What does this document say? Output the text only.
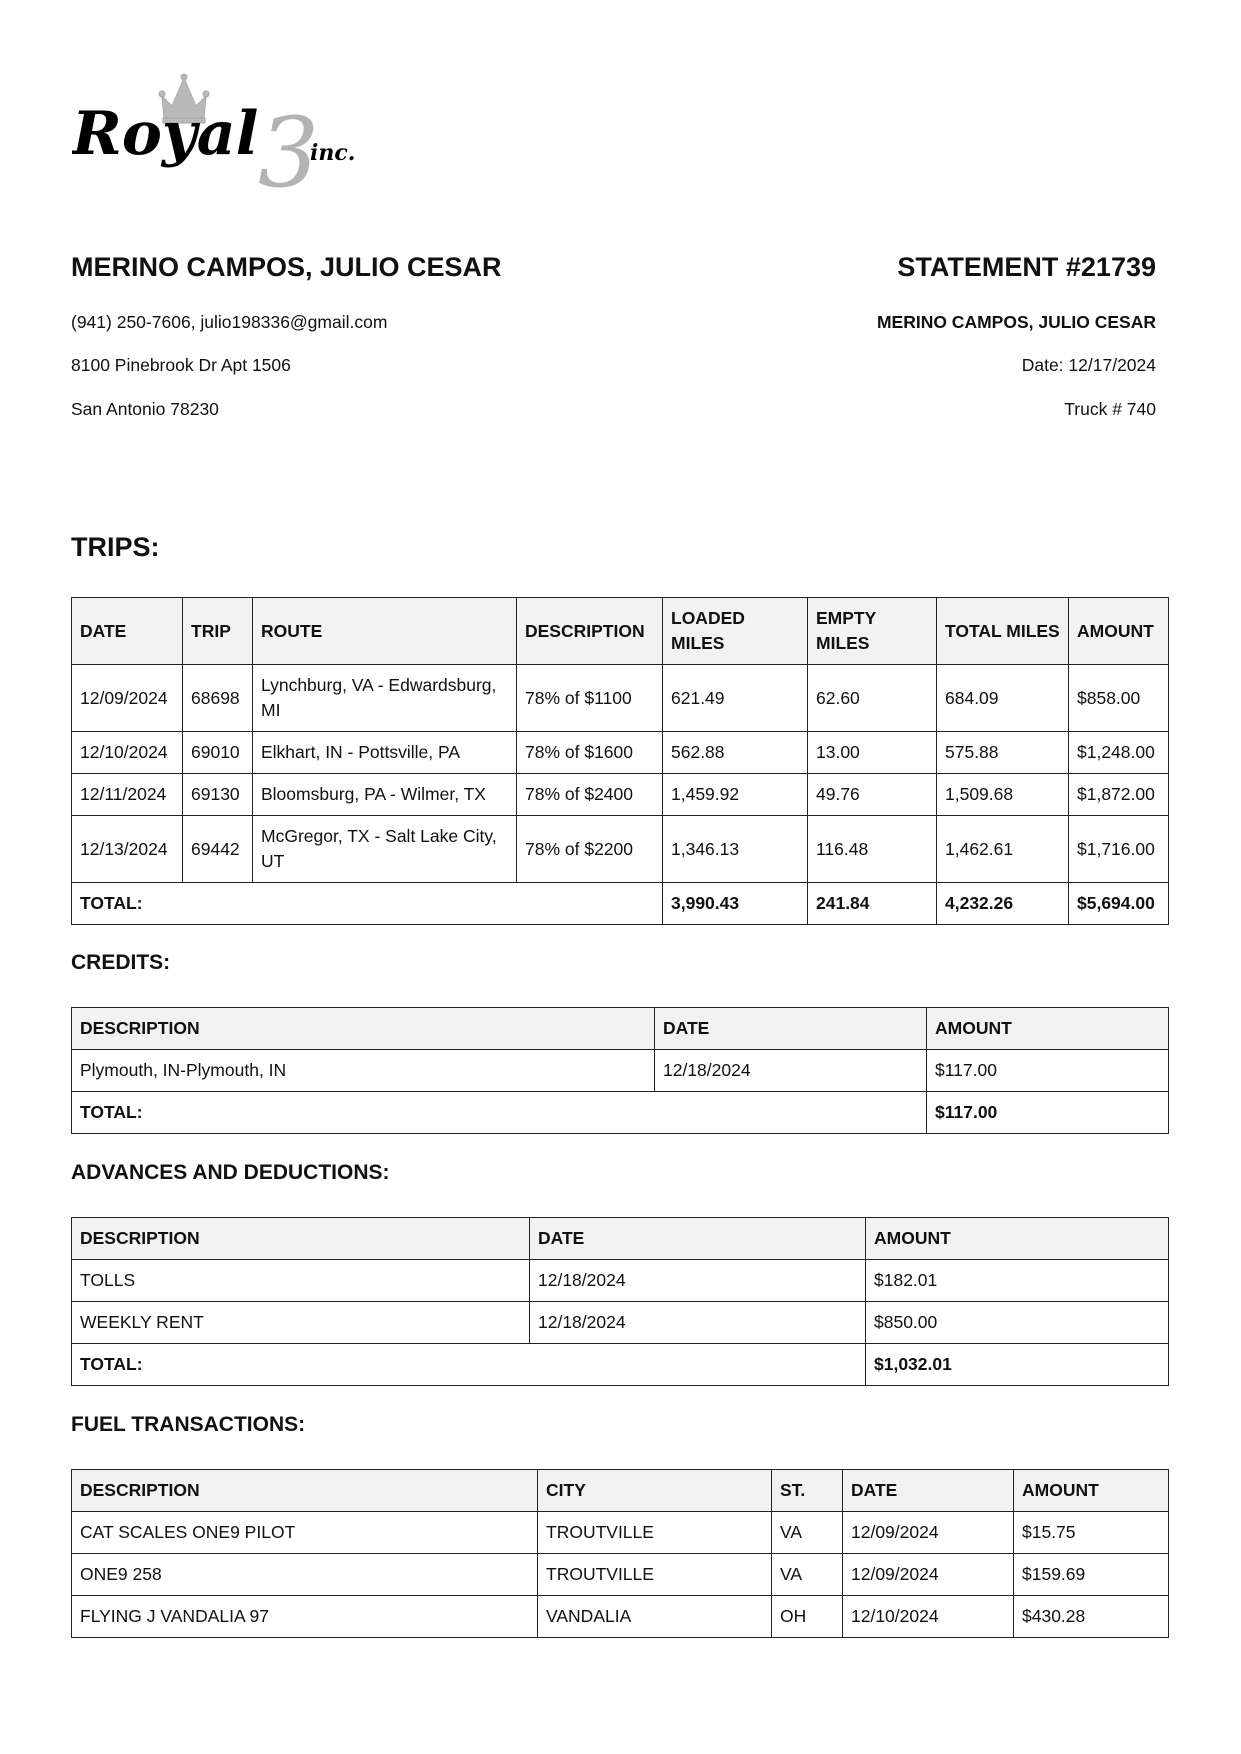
3
Royal inc.
MERINO CAMPOS, JULIO CESAR
(941) 250-7606, julio198336@gmail.com
8100 Pinebrook Dr Apt 1506
San Antonio 78230
STATEMENT #21739
MERINO CAMPOS, JULIO CESAR
Date: 12/17/2024
Truck # 740
TRIPS:
DATE	TRIP	ROUTE	DESCRIPTION	LOADED MILES	EMPTY MILES	TOTAL MILES	AMOUNT
12/09/2024	68698	Lynchburg, VA - Edwardsburg, MI	78% of $1100	621.49	62.60	684.09	$858.00
12/10/2024	69010	Elkhart, IN - Pottsville, PA	78% of $1600	562.88	13.00	575.88	$1,248.00
12/11/2024	69130	Bloomsburg, PA - Wilmer, TX	78% of $2400	1,459.92	49.76	1,509.68	$1,872.00
12/13/2024	69442	McGregor, TX - Salt Lake City, UT	78% of $2200	1,346.13	116.48	1,462.61	$1,716.00
TOTAL:				3,990.43	241.84	4,232.26	$5,694.00
CREDITS:
DESCRIPTION	DATE	AMOUNT
Plymouth, IN-Plymouth, IN	12/18/2024	$117.00
TOTAL:		$117.00
ADVANCES AND DEDUCTIONS:
DESCRIPTION	DATE	AMOUNT
TOLLS	12/18/2024	$182.01
WEEKLY RENT	12/18/2024	$850.00
TOTAL:		$1,032.01
FUEL TRANSACTIONS:
DESCRIPTION	CITY	ST.	DATE	AMOUNT
CAT SCALES ONE9 PILOT	TROUTVILLE	VA	12/09/2024	$15.75
ONE9 258	TROUTVILLE	VA	12/09/2024	$159.69
FLYING J VANDALIA 97	VANDALIA	OH	12/10/2024	$430.28
